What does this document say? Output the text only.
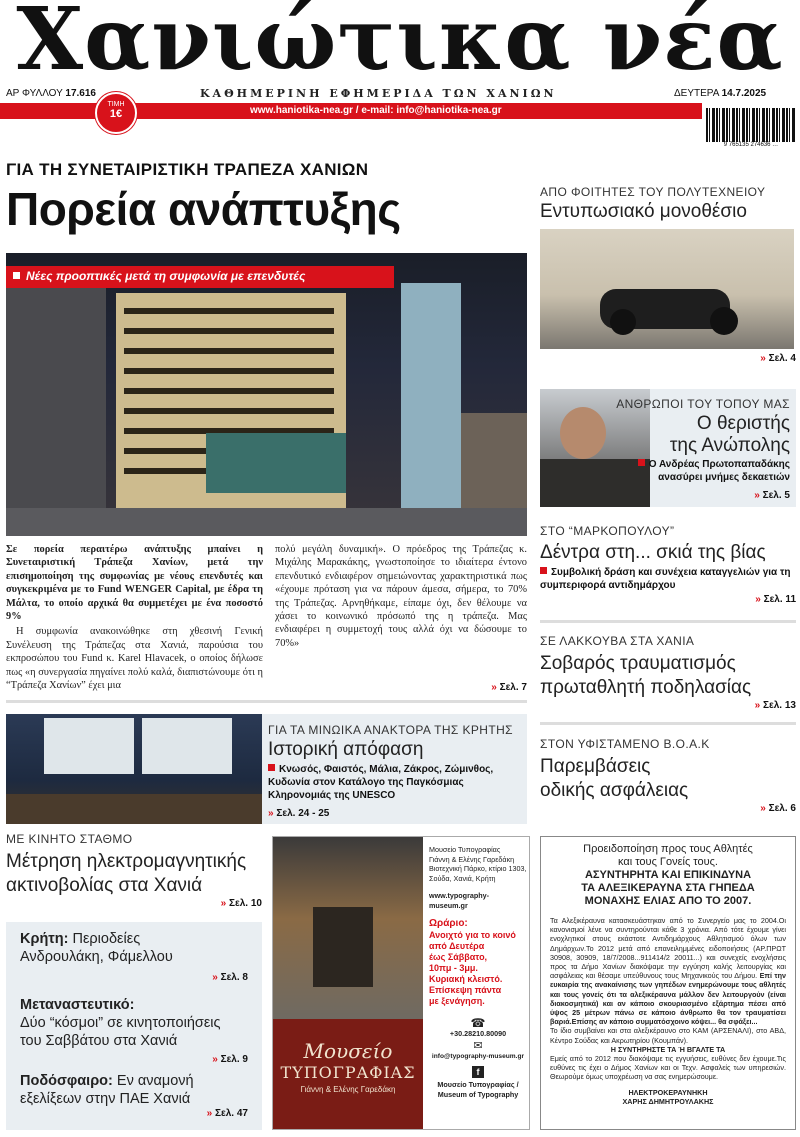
Χανιώτικα νέα
ΑΡ ΦΥΛΛΟΥ 17.616	ΚΑΘΗΜΕΡΙΝΗ ΕΦΗΜΕΡΙΔΑ ΤΩΝ ΧΑΝΙΩΝ	ΔΕΥΤΕΡΑ 14.7.2025
www.haniotika-nea.gr / e-mail: info@haniotika-nea.gr
ΤΙΜΗ
1€
9 765135 274636 …
ΓΙΑ ΤΗ ΣΥΝΕΤΑΙΡΙΣΤΙΚΗ ΤΡΑΠΕΖΑ ΧΑΝΙΩΝ
Πορεία ανάπτυξης
Νέες προοπτικές μετά τη συμφωνία με επενδυτές
Σε πορεία περαιτέρω ανάπτυξης μπαίνει η Συνεταιριστική Τράπεζα Χανίων, μετά την επισημοποίηση της συμφωνίας με νέους επενδυτές και συγκεκριμένα με το Fund WENGER Capital, με έδρα τη Μάλτα, το οποίο αρχικά θα συμμετέχει με ένα ποσοστό 9%
Η συμφωνία ανακοινώθηκε στη χθεσινή Γενική Συνέλευση της Τράπεζας στα Χανιά, παρούσια του εκπροσώπου του Fund κ. Karel Hlavacek, ο οποίος δήλωσε πως «η συνεργασία πηγαίνει πολύ καλά, διαπιστώνουμε ότι η “Τράπεζα Χανίων” έχει μια
πολύ μεγάλη δυναμική». Ο πρόεδρος της Τράπεζας κ. Μιχάλης Μαρακάκης, γνωστοποίησε το ιδιαίτερα έντονο επενδυτικό ενδιαφέρον σημειώνοντας χαρακτηριστικά πως «έχουμε πρόταση για να πάρουν άμεσα, σήμερα, το 70% της Τράπεζας. Αρνηθήκαμε, είπαμε όχι, δεν θέλουμε να χάσει το κοινωνικό πρόσωπό της η τράπεζα. Μας ενδιαφέρει η συμμετοχή τους αλλά όχι να δώσουμε το 70%»
» Σελ. 7
ΑΠΟ ΦΟΙΤΗΤΕΣ ΤΟΥ ΠΟΛΥΤΕΧΝΕΙΟΥ
Εντυπωσιακό μονοθέσιο
» Σελ. 4
ΑΝΘΡΩΠΟΙ ΤΟΥ ΤΟΠΟΥ ΜΑΣ
Ο θεριστής
της Ανώπολης
Ο Ανδρέας Πρωτοπαπαδάκης
ανασύρει μνήμες δεκαετιών
» Σελ. 5
ΣΤΟ “ΜΑΡΚΟΠΟΥΛΟΥ”
Δέντρα στη... σκιά της βίας
Συμβολική δράση και συνέχεια καταγγελιών για τη συμπεριφορά αντιδημάρχου
» Σελ. 11
ΣΕ ΛΑΚΚΟΥΒΑ ΣΤΑ ΧΑΝΙΑ
Σοβαρός τραυματισμός
πρωταθλητή ποδηλασίας
» Σελ. 13
ΣΤΟΝ ΥΦΙΣΤΑΜΕΝΟ Β.Ο.Α.Κ
Παρεμβάσεις
οδικής ασφάλειας
» Σελ. 6
ΓΙΑ ΤΑ ΜΙΝΩΙΚΑ ΑΝΑΚΤΟΡΑ ΤΗΣ ΚΡΗΤΗΣ
Ιστορική απόφαση
Κνωσός, Φαιστός, Μάλια, Ζάκρος, Ζώμινθος, Κυδωνία στον Κατάλογο της Παγκόσμιας Κληρονομιάς της UNESCO
» Σελ. 24 - 25
ΜΕ ΚΙΝΗΤΟ ΣΤΑΘΜΟ
Μέτρηση ηλεκτρομαγνητικής
ακτινοβολίας στα Χανιά
» Σελ. 10
Κρήτη: Περιοδείες
Ανδρουλάκη, Φάμελλου
» Σελ. 8
Μεταναστευτικό:
Δύο “κόσμοι” σε κινητοποιήσεις
του Σαββάτου στα Χανιά
» Σελ. 9
Ποδόσφαιρο: Εν αναμονή
εξελίξεων στην ΠΑΕ Χανιά
» Σελ. 47
Μουσείο
ΤΥΠΟΓΡΑΦΙΑΣ
Γιάννη & Ελένης Γαρεδάκη
Μουσείο Τυπογραφίας
Γιάννη & Ελένης Γαρεδάκη
Βιοτεχνική Πάρκο, κτίριο 1303,
Σούδα, Χανιά, Κρήτη
www.typography-museum.gr
Ωράριο:
Ανοιχτό για το κοινό
από Δευτέρα
έως Σάββατο,
10πμ - 3μμ.
Κυριακή κλειστό.
Επίσκεψη πάντα
με ξενάγηση.
☎
+30.28210.80090
✉
info@typography-museum.gr
f
Μουσείο Τυπογραφίας /
Museum of Typography
Προειδοποίηση προς τους Αθλητές
και τους Γονείς τους.
ΑΣΥΝΤΗΡΗΤΑ ΚΑΙ ΕΠΙΚΙΝΔΥΝΑ
ΤΑ ΑΛΕΞΙΚΕΡΑΥΝΑ ΣΤΑ ΓΗΠΕΔΑ
ΜΟΝΑΧΗΣ ΕΛΙΑΣ ΑΠΟ ΤΟ 2007.
Τα Αλεξικέραυνα κατασκευάστηκαν από το Συνεργείο μας το 2004.Οι κανονισμοί λένε να συντηρούνται κάθε 3 χρόνια. Από τότε έχουμε γίνει ενοχλητικοί στους εκάστοτε Αντιδημάρχους Αθλητισμού όλων των Δημάρχων.Το 2012 μετά από επανειλημμένες ειδοποιήσεις (ΑΡ.ΠΡΩΤ 30908, 30909, 18/7/2008...911414/2 20011...) και συνεχείς ενοχλήσεις προς τα Δήμο Χανίων διακόψαμε την εγγύηση καλής λειτουργίας και ασφάλειας και θέσαμε υπεύθυνους τους Μηχανικούς του Δήμου. Επί την ευκαιρία της ανακαίνισης των γηπέδων ενημερώνουμε τους αθλητές και τους γονείς ότι τα αλεξικέραυνα μάλλον δεν λειτουργούν (είναι διακοσμητικά) και αν κάποιο σκουριασμένο εξάρτημα πέσει από ύψος 25 μέτρων πάνω σε κάποιο άνθρωπο θα τον τραυματίσει βαριά.Επίσης αν κάποιο συμματόσχοινο κόψει... θα σφάξει...
Το ίδιο συμβαίνει και στα αλεξικέραυνο στο ΚΑΜ (ΑΡΣΕΝΑΛΙ), στο ΑΒΔ, Κέντρο Σούδας και Ακρωτηρίου (Κουμπάν).
Η ΣΥΝΤΗΡΗΣΤΕ ΤΑ Ή ΒΓΑΛΤΕ ΤΑ
Εμείς από το 2012 που διακόψαμε τις εγγυήσεις, ευθύνες δεν έχουμε.Τις ευθύνες τις έχει ο Δήμος Χανίων και οι Τεχν. Ασφαλείς των υπηρεσιών. Θεωρούμε όμως υποχρέωση να σας ενημερώσουμε.
ΗΛΕΚΤΡΟΚΕΡΑΥΝΗΚΗ
ΧΑΡΗΣ ΔΗΜΗΤΡΟΥΛΑΚΗΣ
